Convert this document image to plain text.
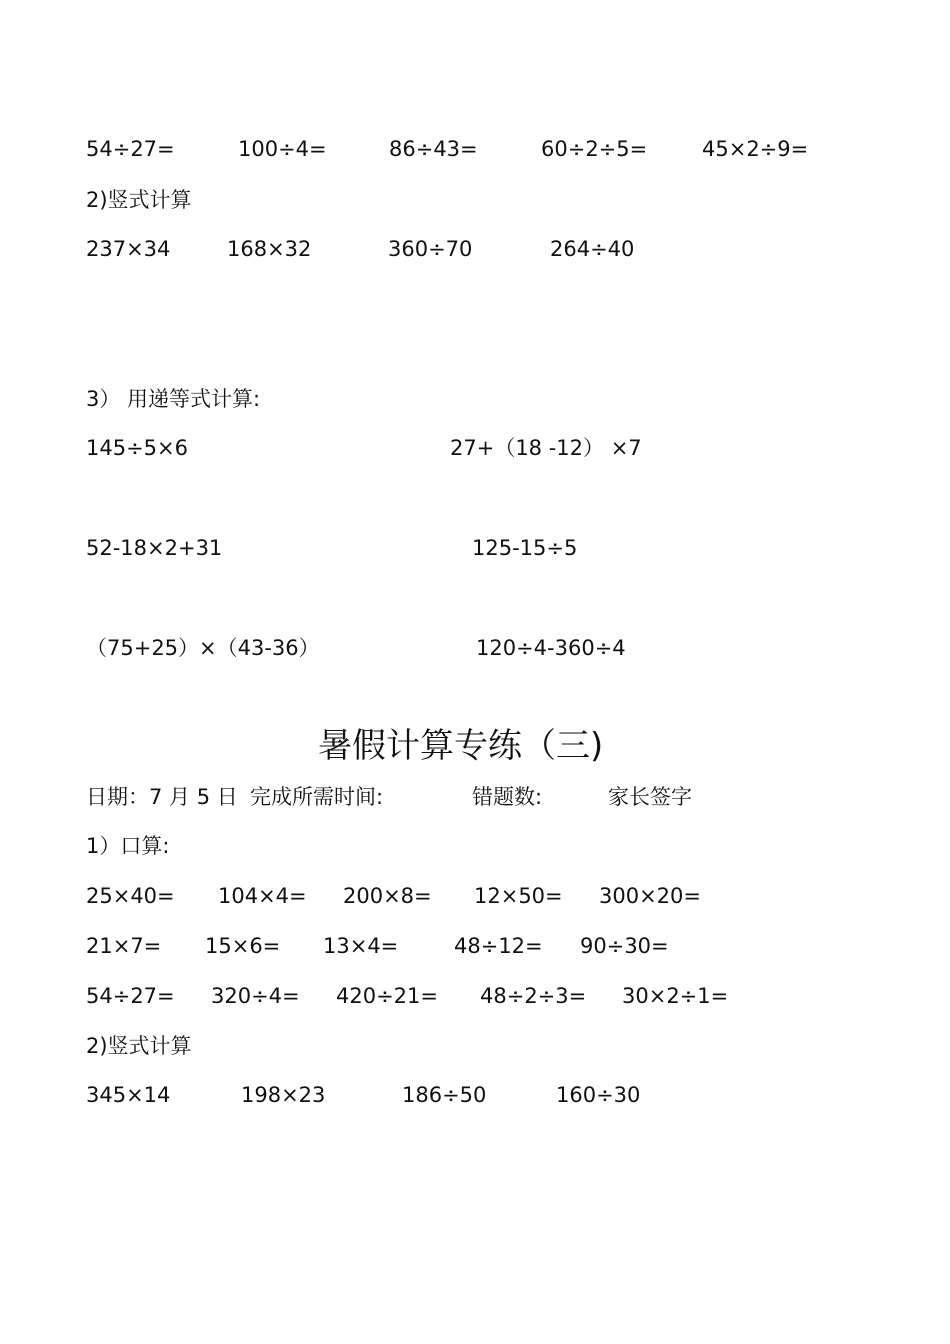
54÷27=	100÷4=	86÷43=	60÷2÷5=	45×2÷9=
2)竖式计算
237×34	168×32	360÷70	264÷40
3） 用递等式计算:
145÷5×6	27+（18 -12） ×7
52-18×2+31	125-15÷5
（75+25）×（43-36）	120÷4-360÷4
暑假计算专练（三)
日期：7 月 5 日 完成所需时间:	错题数:	家长签字
1）口算:
25×40= 104×4= 200×8= 12×50= 300×20=
21×7= 15×6= 13×4=	48÷12= 90÷30=
54÷27= 320÷4= 420÷21= 48÷2÷3= 30×2÷1=
2)竖式计算
345×14	198×23	186÷50	160÷30
